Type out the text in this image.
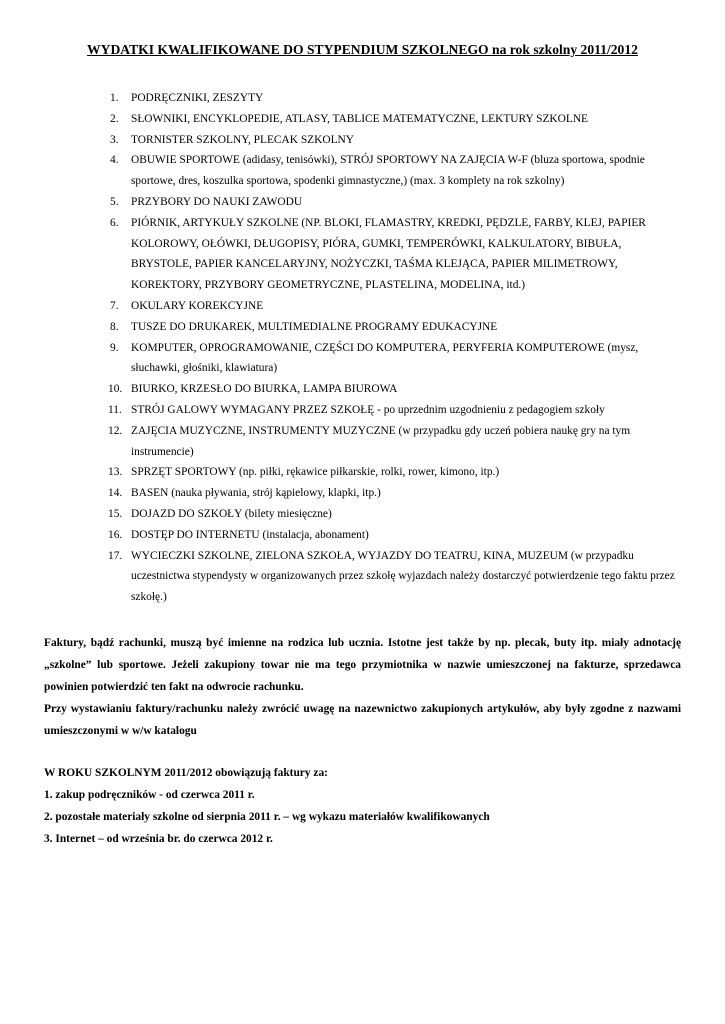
WYDATKI KWALIFIKOWANE DO STYPENDIUM SZKOLNEGO na rok szkolny 2011/2012
1.	PODRĘCZNIKI, ZESZYTY
2.	SŁOWNIKI, ENCYKLOPEDIE, ATLASY, TABLICE MATEMATYCZNE, LEKTURY SZKOLNE
3.	TORNISTER SZKOLNY, PLECAK SZKOLNY
4.	OBUWIE SPORTOWE (adidasy, tenisówki), STRÓJ SPORTOWY NA ZAJĘCIA W-F (bluza sportowa, spodnie sportowe, dres, koszulka sportowa, spodenki gimnastyczne,) (max. 3 komplety na rok szkolny)
5.	PRZYBORY DO NAUKI ZAWODU
6.	PIÓRNIK, ARTYKUŁY SZKOLNE (NP. BLOKI, FLAMASTRY, KREDKI, PĘDZLE, FARBY, KLEJ, PAPIER KOLOROWY, OŁÓWKI, DŁUGOPISY, PIÓRA, GUMKI, TEMPERÓWKI, KALKULATORY, BIBUŁA, BRYSTOLE, PAPIER KANCELARYJNY, NOŻYCZKI, TAŚMA KLEJĄCA, PAPIER MILIMETROWY, KOREKTORY, PRZYBORY GEOMETRYCZNE, PLASTELINA, MODELINA, itd.)
7.	OKULARY KOREKCYJNE
8.	TUSZE DO DRUKAREK, MULTIMEDIALNE PROGRAMY EDUKACYJNE
9.	KOMPUTER, OPROGRAMOWANIE, CZĘŚCI DO KOMPUTERA, PERYFERIA KOMPUTEROWE (mysz, słuchawki, głośniki, klawiatura)
10. BIURKO, KRZESŁO DO BIURKA, LAMPA BIUROWA
11. STRÓJ GALOWY WYMAGANY PRZEZ SZKOŁĘ - po uprzednim uzgodnieniu z pedagogiem szkoły
12. ZAJĘCIA MUZYCZNE, INSTRUMENTY MUZYCZNE (w przypadku gdy uczeń pobiera naukę gry na tym instrumencie)
13. SPRZĘT SPORTOWY (np. piłki, rękawice piłkarskie, rolki, rower, kimono, itp.)
14. BASEN (nauka pływania, strój kąpielowy, klapki, itp.)
15. DOJAZD DO SZKOŁY (bilety miesięczne)
16. DOSTĘP DO INTERNETU (instalacja, abonament)
17. WYCIECZKI SZKOLNE, ZIELONA SZKOŁA, WYJAZDY DO TEATRU, KINA, MUZEUM (w przypadku uczestnictwa stypendysty w organizowanych przez szkołę wyjazdach należy dostarczyć potwierdzenie tego faktu przez szkołę.)

Faktury, bądź rachunki, muszą być imienne na rodzica lub ucznia. Istotne jest także by np. plecak, buty itp. miały adnotację „szkolne” lub sportowe. Jeżeli zakupiony towar nie ma tego przymiotnika w nazwie umieszczonej na fakturze, sprzedawca powinien potwierdzić ten fakt na odwrocie rachunku.

Przy wystawianiu faktury/rachunku należy zwrócić uwagę na nazewnictwo zakupionych artykułów, aby były zgodne z nazwami umieszczonymi w w/w katalogu

W ROKU SZKOLNYM 2011/2012 obowiązują faktury za:
1. zakup podręczników - od czerwca 2011 r.
2. pozostałe materiały szkolne od sierpnia 2011 r. – wg wykazu materiałów kwalifikowanych
3. Internet – od września br. do czerwca 2012 r.
